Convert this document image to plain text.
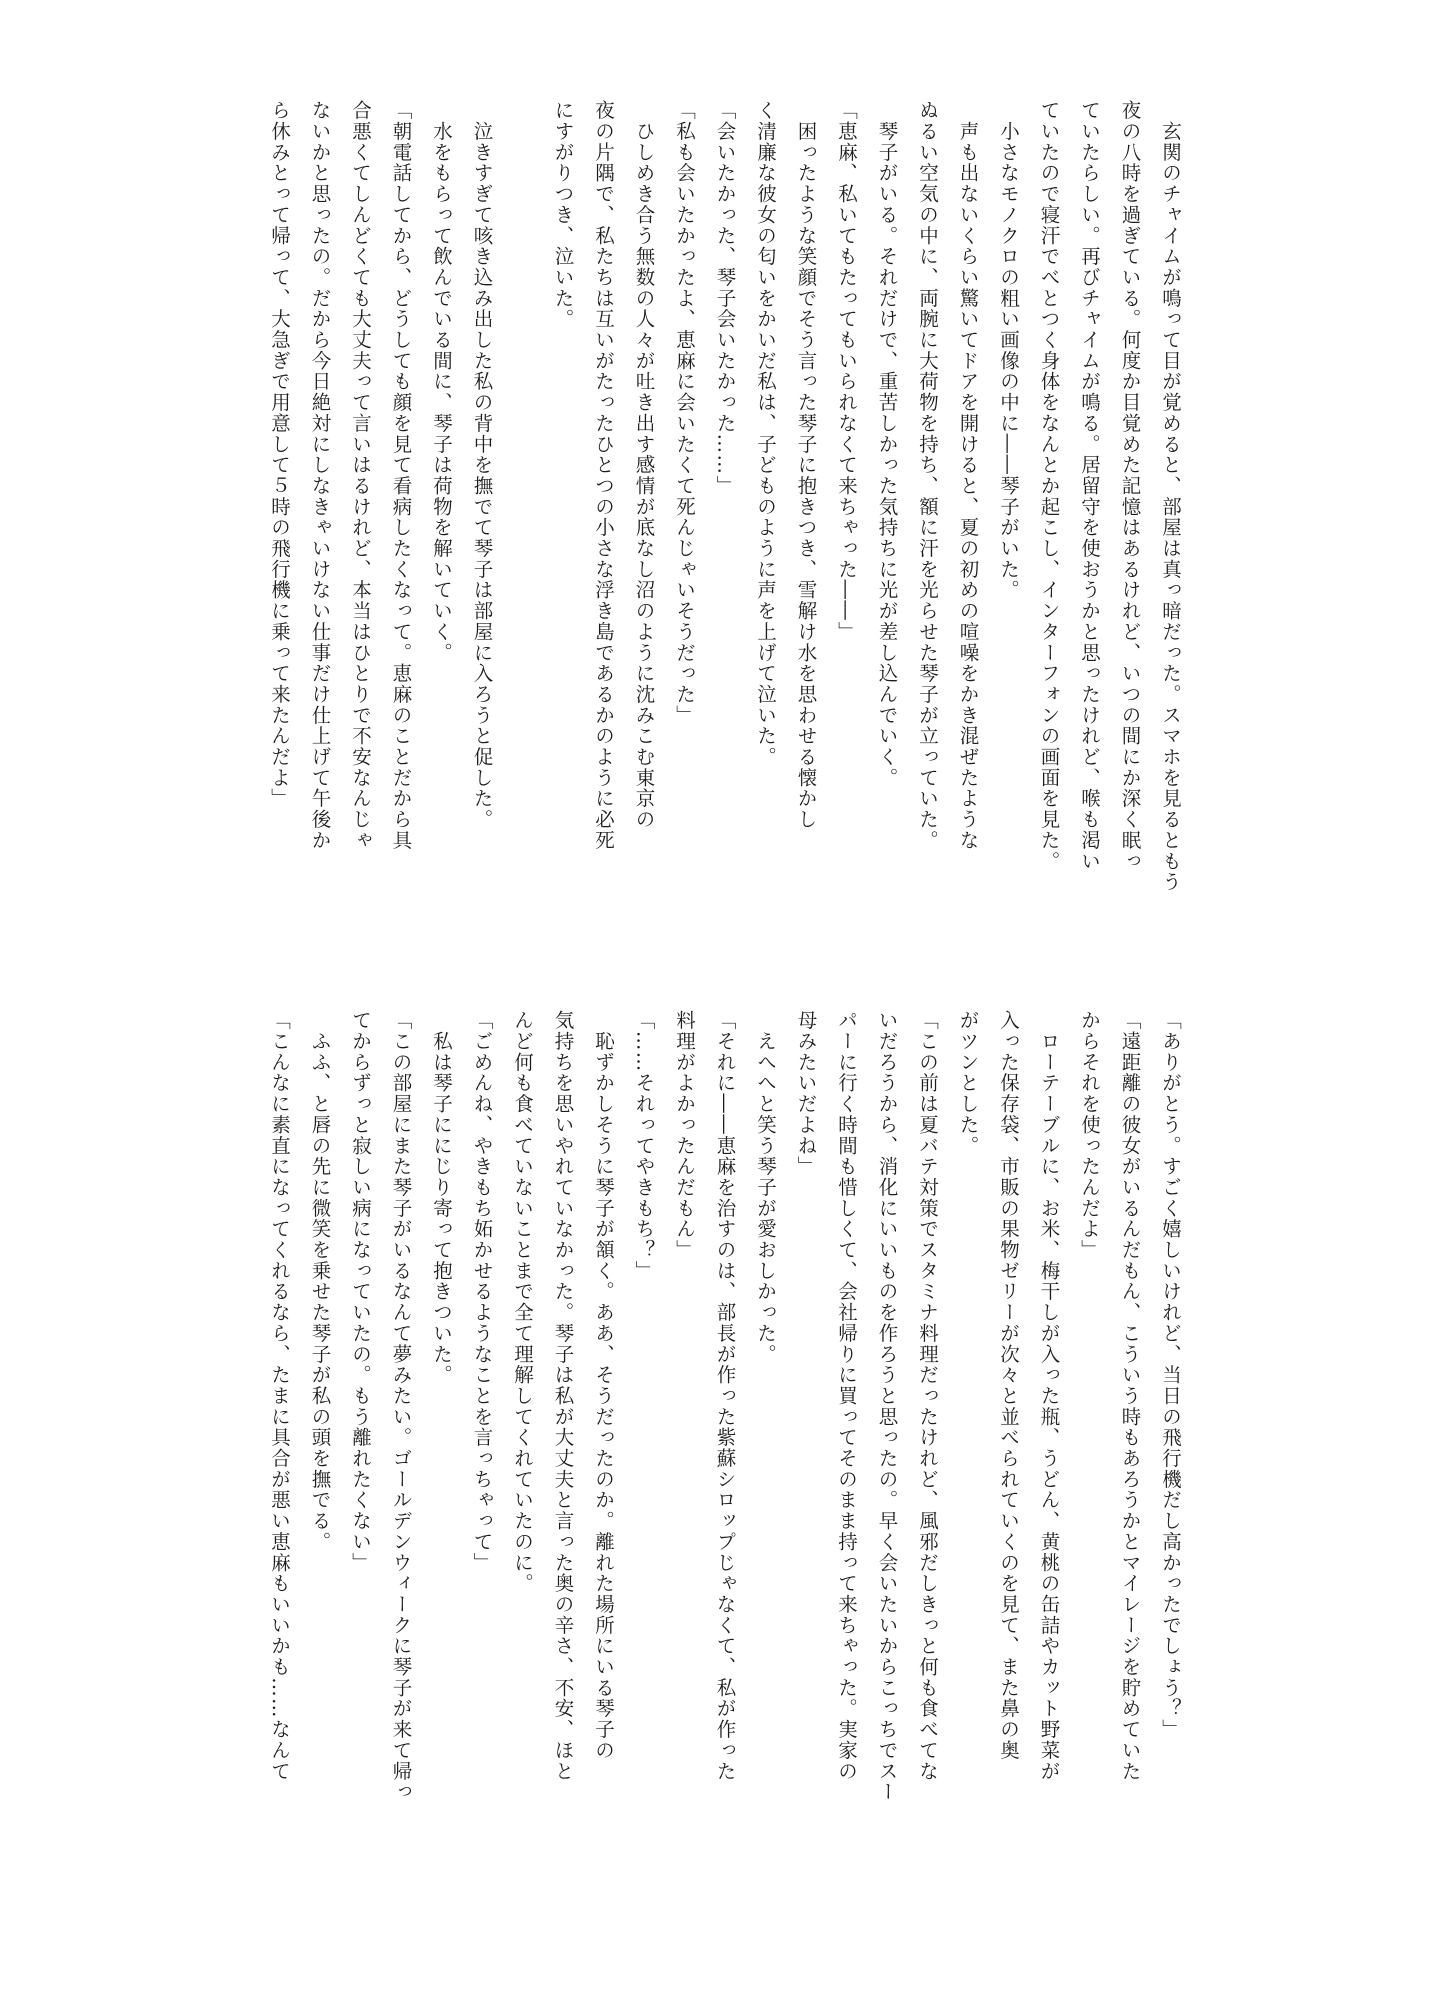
　玄関のチャイムが鳴って目が覚めると、部屋は真っ暗だった。スマホを見るともう
夜の八時を過ぎている。何度か目覚めた記憶はあるけれど、いつの間にか深く眠っ
ていたらしい。再びチャイムが鳴る。居留守を使おうかと思ったけれど、喉も渇い
ていたので寝汗でべとつく身体をなんとか起こし、インターフォンの画面を見た。
　小さなモノクロの粗い画像の中に――琴子がいた。
　声も出ないくらい驚いてドアを開けると、夏の初めの喧噪をかき混ぜたような
ぬるい空気の中に、両腕に大荷物を持ち、額に汗を光らせた琴子が立っていた。
　琴子がいる。それだけで、重苦しかった気持ちに光が差し込んでいく。
「恵麻、私いてもたってもいられなくて来ちゃった――」
　困ったような笑顔でそう言った琴子に抱きつき、雪解け水を思わせる懐かし
く清廉な彼女の匂いをかいだ私は、子どものように声を上げて泣いた。
「会いたかった、琴子会いたかった……」
「私も会いたかったよ、恵麻に会いたくて死んじゃいそうだった」
　ひしめき合う無数の人々が吐き出す感情が底なし沼のように沈みこむ東京の
夜の片隅で、私たちは互いがたったひとつの小さな浮き島であるかのように必死
にすがりつき、泣いた。
　泣きすぎて咳き込み出した私の背中を撫でて琴子は部屋に入ろうと促した。
　水をもらって飲んでいる間に、琴子は荷物を解いていく。
「朝電話してから、どうしても顔を見て看病したくなって。恵麻のことだから具
合悪くてしんどくても大丈夫って言いはるけれど、本当はひとりで不安なんじゃ
ないかと思ったの。だから今日絶対にしなきゃいけない仕事だけ仕上げて午後か
ら休みとって帰って、大急ぎで用意して５時の飛行機に乗って来たんだよ」
「ありがとう。すごく嬉しいけれど、当日の飛行機だし高かったでしょう？」
「遠距離の彼女がいるんだもん、こういう時もあろうかとマイレージを貯めていた
からそれを使ったんだよ」
　ローテーブルに、お米、梅干しが入った瓶、うどん、黄桃の缶詰やカット野菜が
入った保存袋、市販の果物ゼリーが次々と並べられていくのを見て、また鼻の奥
がツンとした。
「この前は夏バテ対策でスタミナ料理だったけれど、風邪だしきっと何も食べてな
いだろうから、消化にいいものを作ろうと思ったの。早く会いたいからこっちでスー
パーに行く時間も惜しくて、会社帰りに買ってそのまま持って来ちゃった。実家の
母みたいだよね」
　えへへと笑う琴子が愛おしかった。
「それに――恵麻を治すのは、部長が作った紫蘇シロップじゃなくて、私が作った
料理がよかったんだもん」
「……それってやきもち？」
　恥ずかしそうに琴子が頷く。ああ、そうだったのか。離れた場所にいる琴子の
気持ちを思いやれていなかった。琴子は私が大丈夫と言った奥の辛さ、不安、ほと
んど何も食べていないことまで全て理解してくれていたのに。
「ごめんね、やきもち妬かせるようなことを言っちゃって」
　私は琴子ににじり寄って抱きついた。
「この部屋にまた琴子がいるなんて夢みたい。ゴールデンウィークに琴子が来て帰っ
てからずっと寂しい病になっていたの。もう離れたくない」
　ふふ、と唇の先に微笑を乗せた琴子が私の頭を撫でる。
「こんなに素直になってくれるなら、たまに具合が悪い恵麻もいいかも……なんて
